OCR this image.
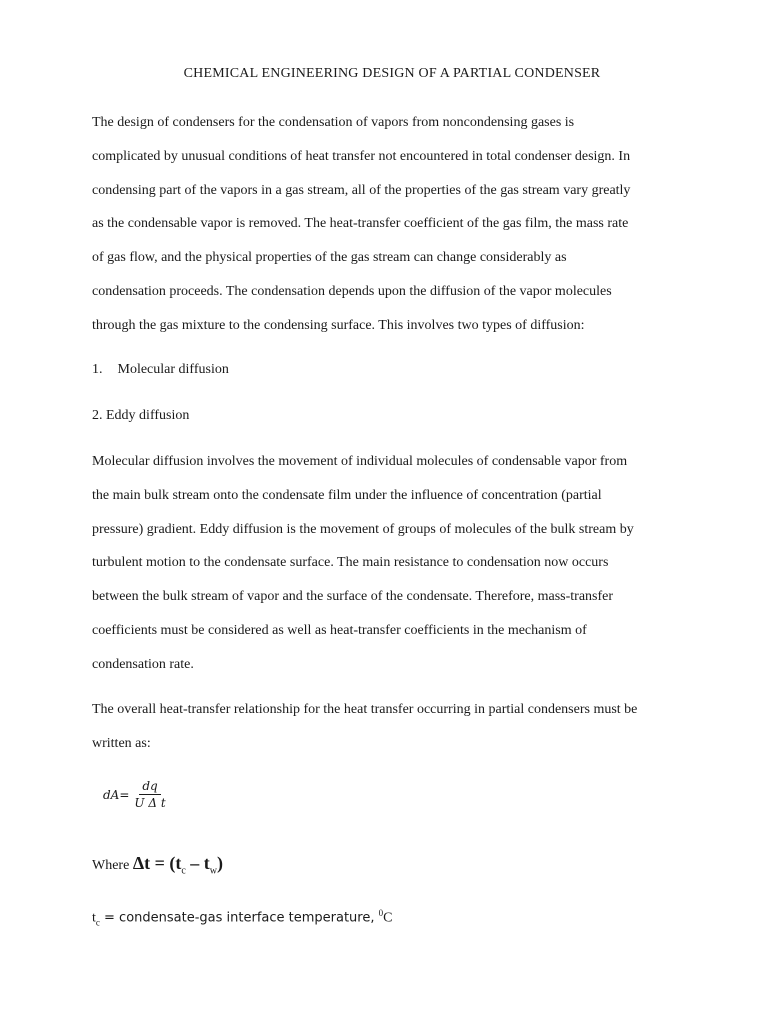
CHEMICAL ENGINEERING DESIGN OF A PARTIAL CONDENSER

The design of condensers for the condensation of vapors from noncondensing gases is
complicated by unusual conditions of heat transfer not encountered in total condenser design. In
condensing part of the vapors in a gas stream, all of the properties of the gas stream vary greatly
as the condensable vapor is removed. The heat-transfer coefficient of the gas film, the mass rate
of gas flow, and the physical properties of the gas stream can change considerably as
condensation proceeds. The condensation depends upon the diffusion of the vapor molecules
through the gas mixture to the condensing surface. This involves two types of diffusion:

1. Molecular diffusion
2. Eddy diffusion

Molecular diffusion involves the movement of individual molecules of condensable vapor from
the main bulk stream onto the condensate film under the influence of concentration (partial
pressure) gradient. Eddy diffusion is the movement of groups of molecules of the bulk stream by
turbulent motion to the condensate surface. The main resistance to condensation now occurs
between the bulk stream of vapor and the surface of the condensate. Therefore, mass-transfer
coefficients must be considered as well as heat-transfer coefficients in the mechanism of
condensation rate.

The overall heat-transfer relationship for the heat transfer occurring in partial condensers must be
written as:

dA = $\frac{dq}{\text{U Δ t}}$
Where $\Delta t = (t_c - t_w)$
$t_c$ = condensate-gas interface temperature, $^0$C
